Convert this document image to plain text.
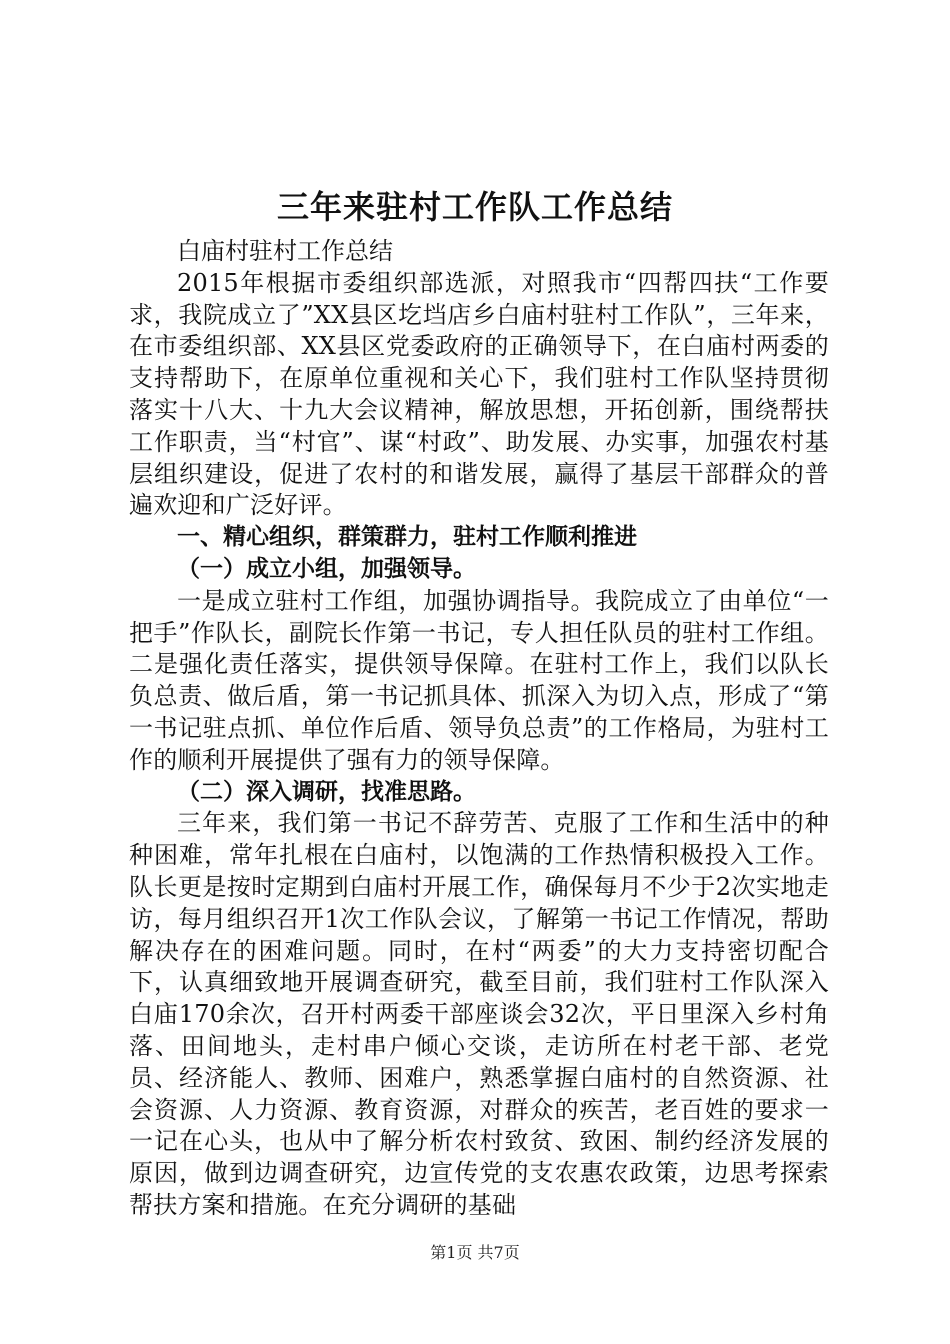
三年来驻村工作队工作总结

白庙村驻村工作总结

2015年根据市委组织部选派，对照我市“四帮四扶“工作要求，我院成立了”XX县区圪垱店乡白庙村驻村工作队”，三年来，在市委组织部、XX县区党委政府的正确领导下，在白庙村两委的支持帮助下，在原单位重视和关心下，我们驻村工作队坚持贯彻落实十八大、十九大会议精神，解放思想，开拓创新，围绕帮扶工作职责，当“村官”、谋“村政”、助发展、办实事，加强农村基层组织建设，促进了农村的和谐发展，赢得了基层干部群众的普遍欢迎和广泛好评。

一、精心组织，群策群力，驻村工作顺利推进

（一）成立小组，加强领导。

一是成立驻村工作组，加强协调指导。我院成立了由单位“一把手”作队长，副院长作第一书记，专人担任队员的驻村工作组。二是强化责任落实，提供领导保障。在驻村工作上，我们以队长负总责、做后盾，第一书记抓具体、抓深入为切入点，形成了“第一书记驻点抓、单位作后盾、领导负总责”的工作格局，为驻村工作的顺利开展提供了强有力的领导保障。

（二）深入调研，找准思路。

三年来，我们第一书记不辞劳苦、克服了工作和生活中的种种困难，常年扎根在白庙村，以饱满的工作热情积极投入工作。队长更是按时定期到白庙村开展工作，确保每月不少于2次实地走访，每月组织召开1次工作队会议，了解第一书记工作情况，帮助解决存在的困难问题。同时，在村“两委”的大力支持密切配合下，认真细致地开展调查研究，截至目前，我们驻村工作队深入白庙170余次，召开村两委干部座谈会32次，平日里深入乡村角落、田间地头，走村串户倾心交谈，走访所在村老干部、老党员、经济能人、教师、困难户，熟悉掌握白庙村的自然资源、社会资源、人力资源、教育资源，对群众的疾苦，老百姓的要求一一记在心头，也从中了解分析农村致贫、致困、制约经济发展的原因，做到边调查研究，边宣传党的支农惠农政策，边思考探索帮扶方案和措施。在充分调研的基础

第1页 共7页
